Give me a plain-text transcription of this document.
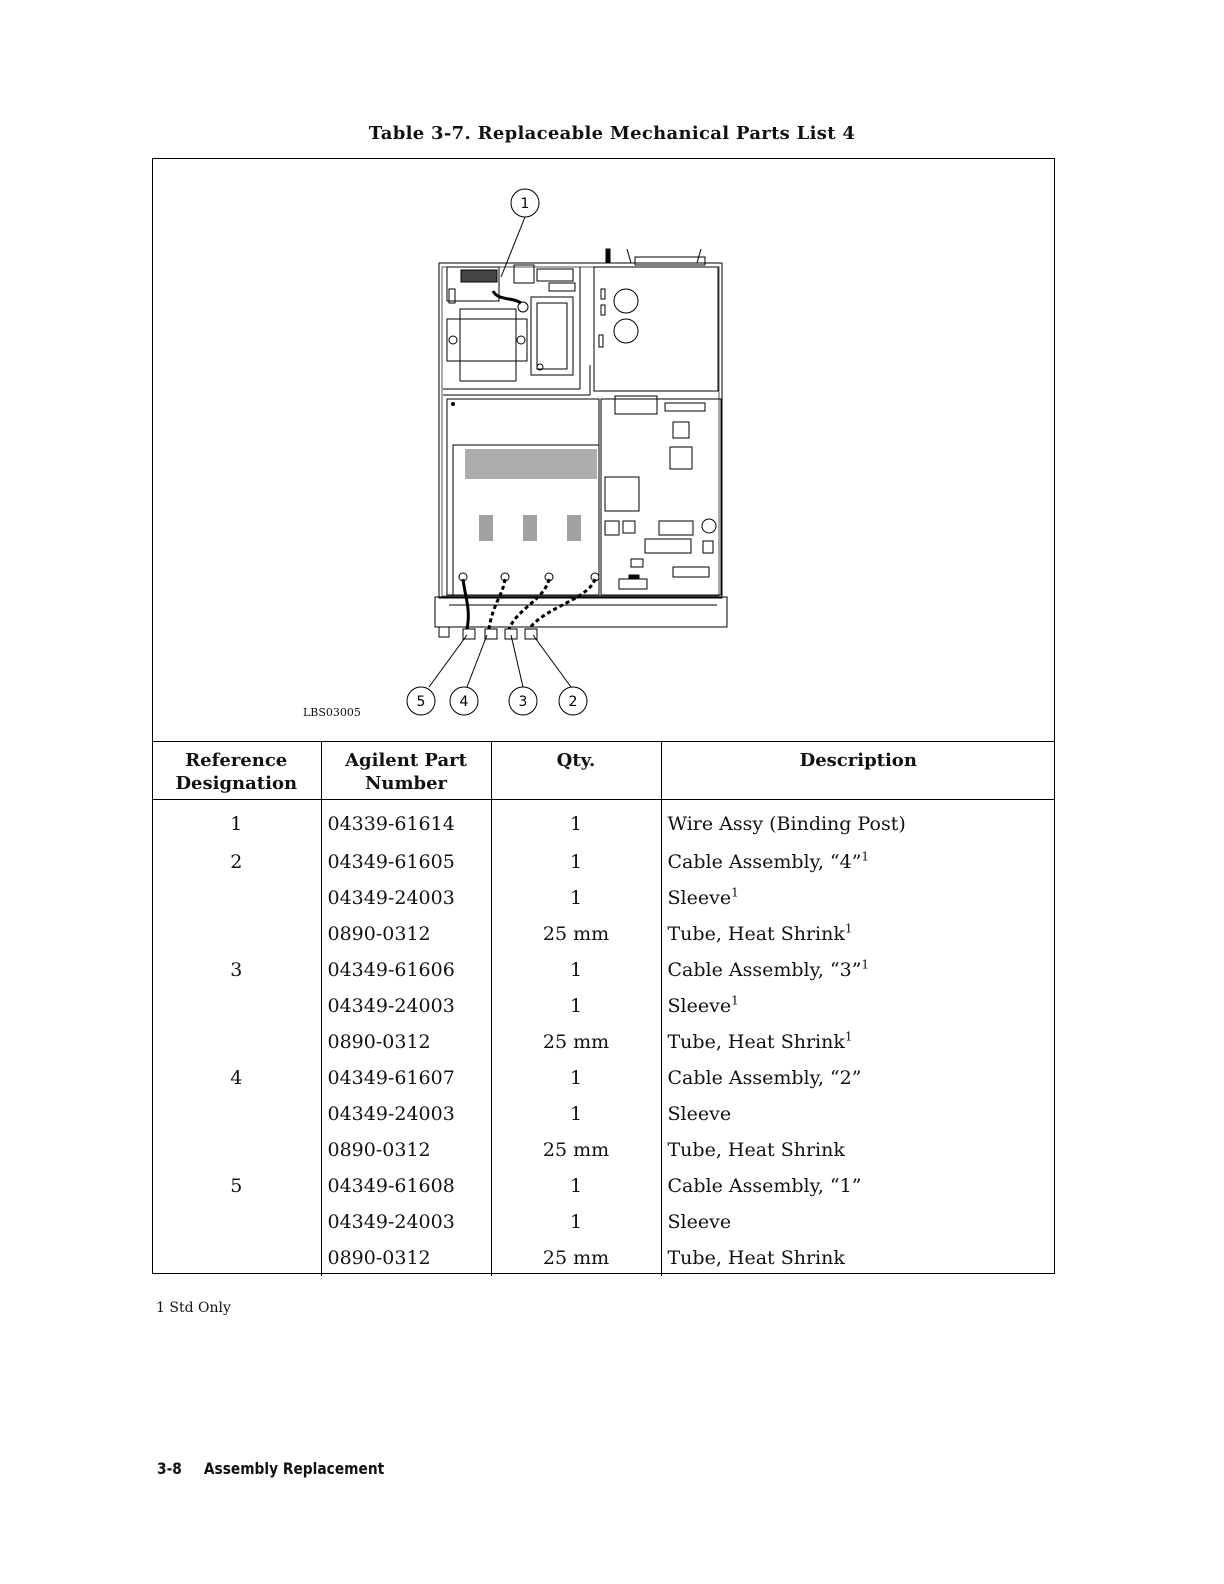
Table 3-7. Replaceable Mechanical Parts List 4
1
5 4	3	2
LBS03005
Reference Designation	Agilent Part Number	Qty.	Description
1	04339-61614	1	Wire Assy (Binding Post)
2	04349-61605	1	Cable Assembly, “4”$^1$
	04349-24003	1	Sleeve$^1$
	0890-0312	25 mm	Tube, Heat Shrink$^1$
3	04349-61606	1	Cable Assembly, “3”$^1$
	04349-24003	1	Sleeve$^1$
	0890-0312	25 mm	Tube, Heat Shrink$^1$
4	04349-61607	1	Cable Assembly, “2”
	04349-24003	1	Sleeve
	0890-0312	25 mm	Tube, Heat Shrink
5	04349-61608	1	Cable Assembly, “1”
	04349-24003	1	Sleeve
	0890-0312	25 mm	Tube, Heat Shrink
1 Std Only
3-8 Assembly Replacement
